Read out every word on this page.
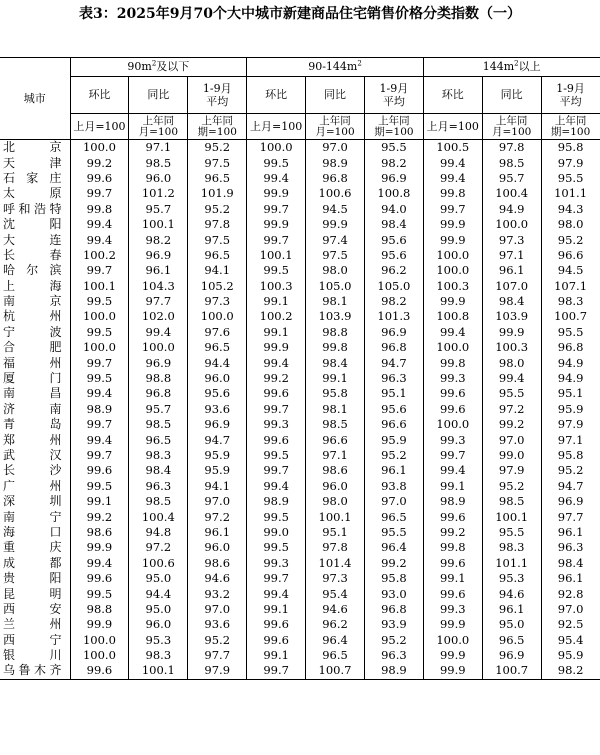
表3：2025年9月70个大中城市新建商品住宅销售价格分类指数（一）
城市	$90m^2$及以下			$90-144m^2$			$144m^2$以上		
	环比	同比	1-9月平均	环比	同比	1-9月平均	环比	同比	1-9月平均
	上月=100	上年同月=100	上年同期=100	上月=100	上年同月=100	上年同期=100	上月=100	上年同月=100	上年同期=100
北京	100.0	97.1	95.2	100.0	97.0	95.5	100.5	97.8	95.8
天津	99.2	98.5	97.5	99.5	98.9	98.2	99.4	98.5	97.9
石家庄	99.6	96.0	96.5	99.4	96.8	96.9	99.4	95.7	95.5
太原	99.7	101.2	101.9	99.9	100.6	100.8	99.8	100.4	101.1
呼和浩特	99.8	95.7	95.2	99.7	94.5	94.0	99.7	94.9	94.3
沈阳	99.4	100.1	97.8	99.9	99.9	98.4	99.9	100.0	98.0
大连	99.4	98.2	97.5	99.7	97.4	95.6	99.9	97.3	95.2
长春	100.2	96.9	96.5	100.1	97.5	95.6	100.0	97.1	96.6
哈尔滨	99.7	96.1	94.1	99.5	98.0	96.2	100.0	96.1	94.5
上海	100.1	104.3	105.2	100.3	105.0	105.0	100.3	107.0	107.1
南京	99.5	97.7	97.3	99.1	98.1	98.2	99.9	98.4	98.3
杭州	100.0	102.0	100.0	100.2	103.9	101.3	100.8	103.9	100.7
宁波	99.5	99.4	97.6	99.1	98.8	96.9	99.4	99.9	95.5
合肥	100.0	100.0	96.5	99.9	99.8	96.8	100.0	100.3	96.8
福州	99.7	96.9	94.4	99.4	98.4	94.7	99.8	98.0	94.9
厦门	99.5	98.8	96.0	99.2	99.1	96.3	99.3	99.4	94.9
南昌	99.4	96.8	95.6	99.6	95.8	95.1	99.6	95.5	95.1
济南	98.9	95.7	93.6	99.7	98.1	95.6	99.6	97.2	95.9
青岛	99.7	98.5	96.9	99.3	98.5	96.6	100.0	99.2	97.9
郑州	99.4	96.5	94.7	99.6	96.6	95.9	99.3	97.0	97.1
武汉	99.7	98.3	95.9	99.5	97.1	95.2	99.7	99.0	95.8
长沙	99.6	98.4	95.9	99.7	98.6	96.1	99.4	97.9	95.2
广州	99.5	96.3	94.1	99.4	96.0	93.8	99.1	95.2	94.7
深圳	99.1	98.5	97.0	98.9	98.0	97.0	98.9	98.5	96.9
南宁	99.2	100.4	97.2	99.5	100.1	96.5	99.6	100.1	97.7
海口	98.6	94.8	96.1	99.0	95.1	95.5	99.2	95.5	96.1
重庆	99.9	97.2	96.0	99.5	97.8	96.4	99.8	98.3	96.3
成都	99.4	100.6	98.6	99.3	101.4	99.2	99.6	101.1	98.4
贵阳	99.6	95.0	94.6	99.7	97.3	95.8	99.1	95.3	96.1
昆明	99.5	94.4	93.2	99.4	95.4	93.0	99.6	94.6	92.8
西安	98.8	95.0	97.0	99.1	94.6	96.8	99.3	96.1	97.0
兰州	99.9	96.0	93.6	99.6	96.2	93.9	99.9	95.0	92.5
西宁	100.0	95.3	95.2	99.6	96.4	95.2	100.0	96.5	95.4
银川	100.0	98.3	97.7	99.1	96.5	96.3	99.9	96.9	95.9
乌鲁木齐	99.6	100.1	97.9	99.7	100.7	98.9	99.9	100.7	98.2
